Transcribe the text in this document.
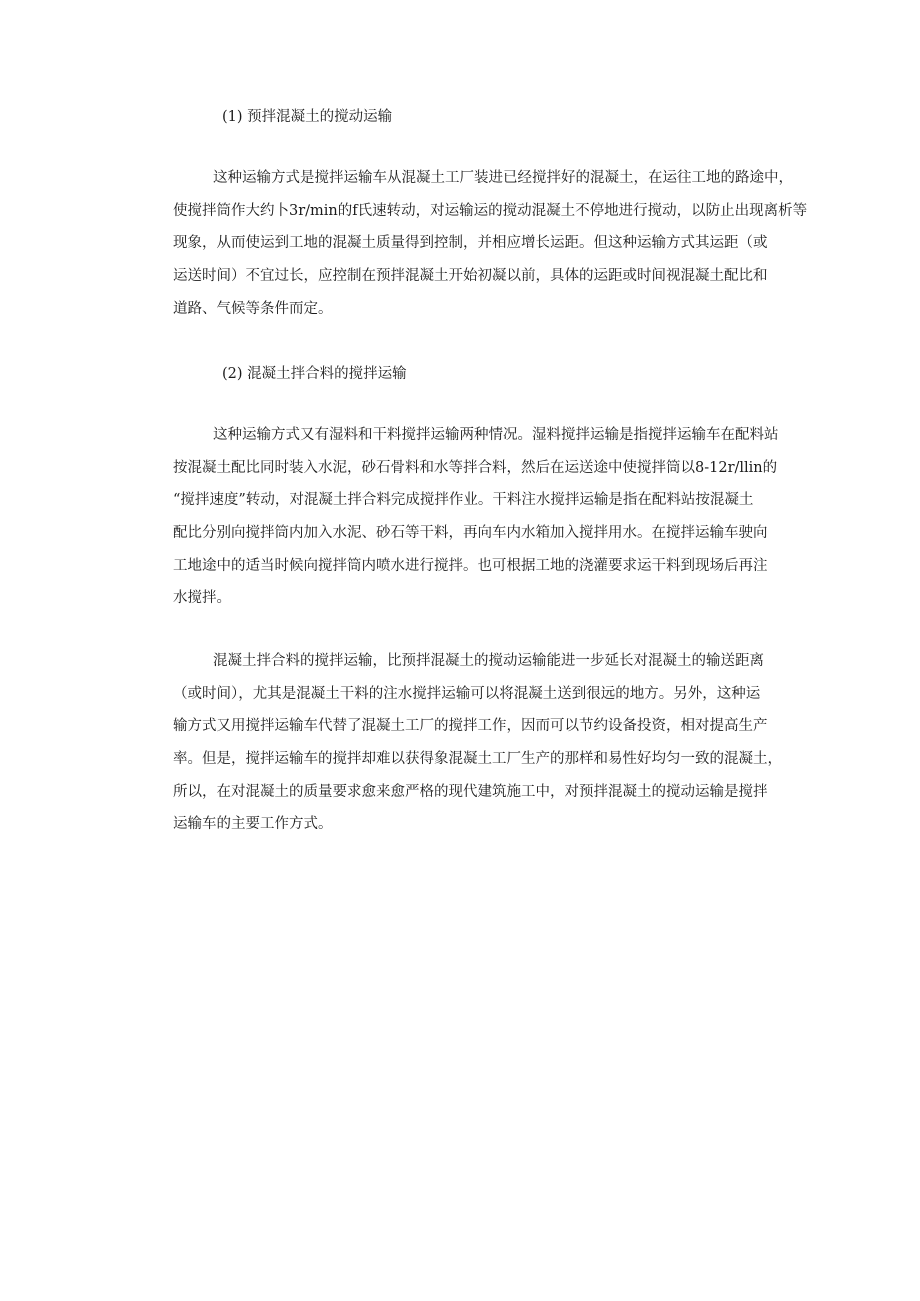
(1) 预拌混凝土的搅动运输
这种运输方式是搅拌运输车从混凝土工厂装进已经搅拌好的混凝土，在运往工地的路途中，
使搅拌筒作大约卜3r∕min的f氏速转动，对运输运的搅动混凝土不停地进行搅动，以防止出现离析等
现象，从而使运到工地的混凝土质量得到控制，并相应增长运距。但这种运输方式其运距（或
运送时间）不宜过长，应控制在预拌混凝土开始初凝以前，具体的运距或时间视混凝土配比和
道路、气候等条件而定。
(2) 混凝土拌合料的搅拌运输
这种运输方式又有湿料和干料搅拌运输两种情况。湿料搅拌运输是指搅拌运输车在配料站
按混凝土配比同时装入水泥，砂石骨料和水等拌合料，然后在运送途中使搅拌筒以8-12r/llin的
“搅拌速度”转动，对混凝土拌合料完成搅拌作业。干料注水搅拌运输是指在配料站按混凝土
配比分别向搅拌筒内加入水泥、砂石等干料，再向车内水箱加入搅拌用水。在搅拌运输车驶向
工地途中的适当时候向搅拌筒内喷水进行搅拌。也可根据工地的浇灌要求运干料到现场后再注
水搅拌。
混凝土拌合料的搅拌运输，比预拌混凝土的搅动运输能进一步延长对混凝土的输送距离
（或时间），尤其是混凝土干料的注水搅拌运输可以将混凝土送到很远的地方。另外，这种运
输方式又用搅拌运输车代替了混凝土工厂的搅拌工作，因而可以节约设备投资，相对提高生产
率。但是，搅拌运输车的搅拌却难以获得象混凝土工厂生产的那样和易性好均匀一致的混凝土，
所以，在对混凝土的质量要求愈来愈严格的现代建筑施工中，对预拌混凝土的搅动运输是搅拌
运输车的主要工作方式。
